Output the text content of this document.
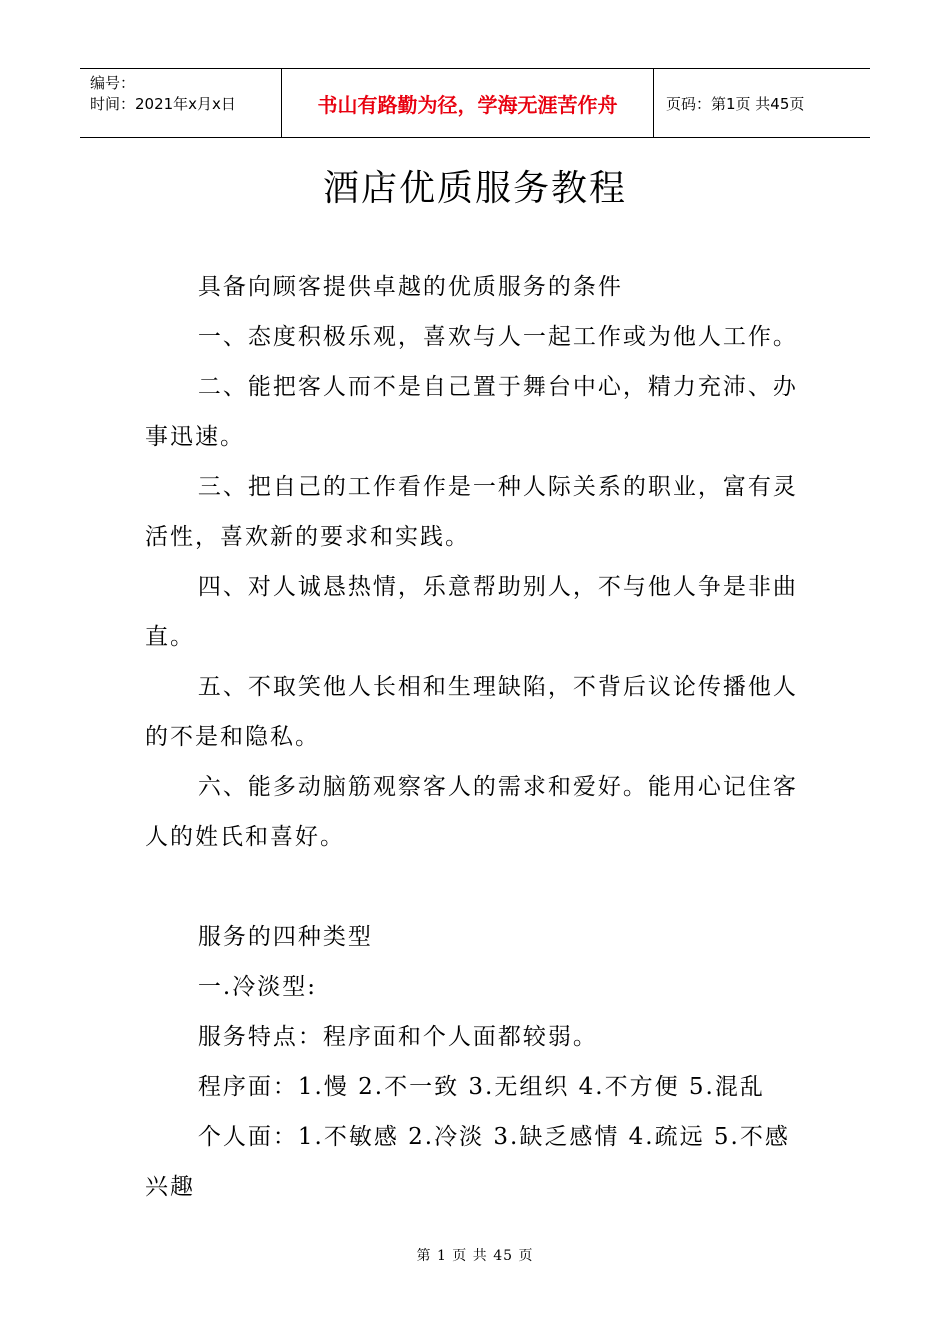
编号：
时间：2021年x月x日	书山有路勤为径，学海无涯苦作舟	页码：第1页 共45页
酒店优质服务教程

具备向顾客提供卓越的优质服务的条件

一、态度积极乐观，喜欢与人一起工作或为他人工作。

二、能把客人而不是自己置于舞台中心，精力充沛、办事迅速。

三、把自己的工作看作是一种人际关系的职业，富有灵活性，喜欢新的要求和实践。

四、对人诚恳热情，乐意帮助别人，不与他人争是非曲直。

五、不取笑他人长相和生理缺陷，不背后议论传播他人的不是和隐私。

六、能多动脑筋观察客人的需求和爱好。能用心记住客人的姓氏和喜好。

服务的四种类型

一.冷淡型:

服务特点：程序面和个人面都较弱。

程序面：1.慢 2.不一致 3.无组织 4.不方便 5.混乱

个人面：1.不敏感 2.冷淡 3.缺乏感情 4.疏远 5.不感兴趣

第 1 页 共 45 页
